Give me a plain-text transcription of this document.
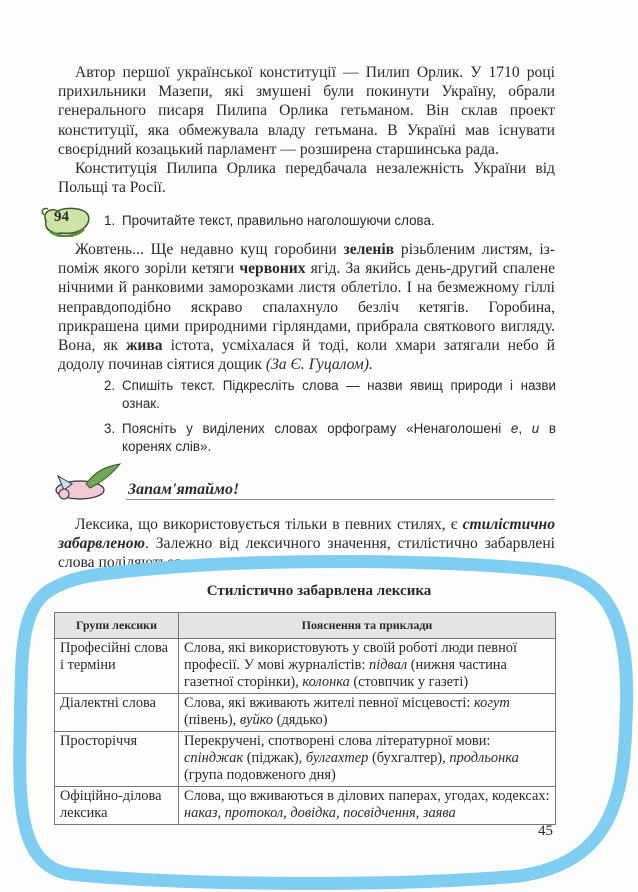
Автор першої української конституції — Пилип Орлик. У 1710 році прихильники Мазепи, які змушені були покинути Україну, обрали генерального писаря Пилипа Орлика гетьманом. Він склав проект конституції, яка обмежувала владу гетьмана. В Україні мав існувати своєрідний козацький парламент — розширена старшинська рада.

Конституція Пилипа Орлика передбачала незалежність України від Польщі та Росії.

94	1. Прочитайте текст, правильно наголошуючи слова.

Жовтень... Ще недавно кущ горобини зеленів різьбленим листям, із-поміж якого зоріли кетяги червоних ягід. За якийсь день-другий спалене нічними й ранковими заморозками листя облетіло. І на безмежному гіллі неправдоподібно яскраво спалахнуло безліч кетягів. Горобина, прикрашена цими природними гірляндами, прибрала святкового вигляду. Вона, як жива істота, усміхалася й тоді, коли хмари затягали небо й додолу починав сіятися дощик (За Є. Гуцалом).

2. Спишіть текст. Підкресліть слова — назви явищ природи і назви ознак.
3. Поясніть у виділених словах орфограму «Ненаголошені е, и в коренях слів».
Запам'ятаймо!

Лексика, що використовується тільки в певних стилях, є стилістично забарвленою. Залежно від лексичного значення, стилістично забарвлені слова поділяються в групи.

Стилістично забарвлена лексика
Групи лексики	Пояснення та приклади
Професійні слова і терміни	Слова, які використовують у своїй роботі люди певної професії. У мові журналістів: підвал (нижня частина газетної сторінки), колонка (стовпчик у газеті)
Діалектні слова	Слова, які вживають жителі певної місцевості: когут (півень), вуйко (дядько)
Просторіччя	Перекручені, спотворені слова літературної мови: спінджак (піджак), булгахтер (бухгалтер), продльонка (група подовженого дня)
Офіційно-ділова лексика	Слова, що вживаються в ділових паперах, угодах, кодексах: наказ, протокол, довідка, посвідчення, заява
45
